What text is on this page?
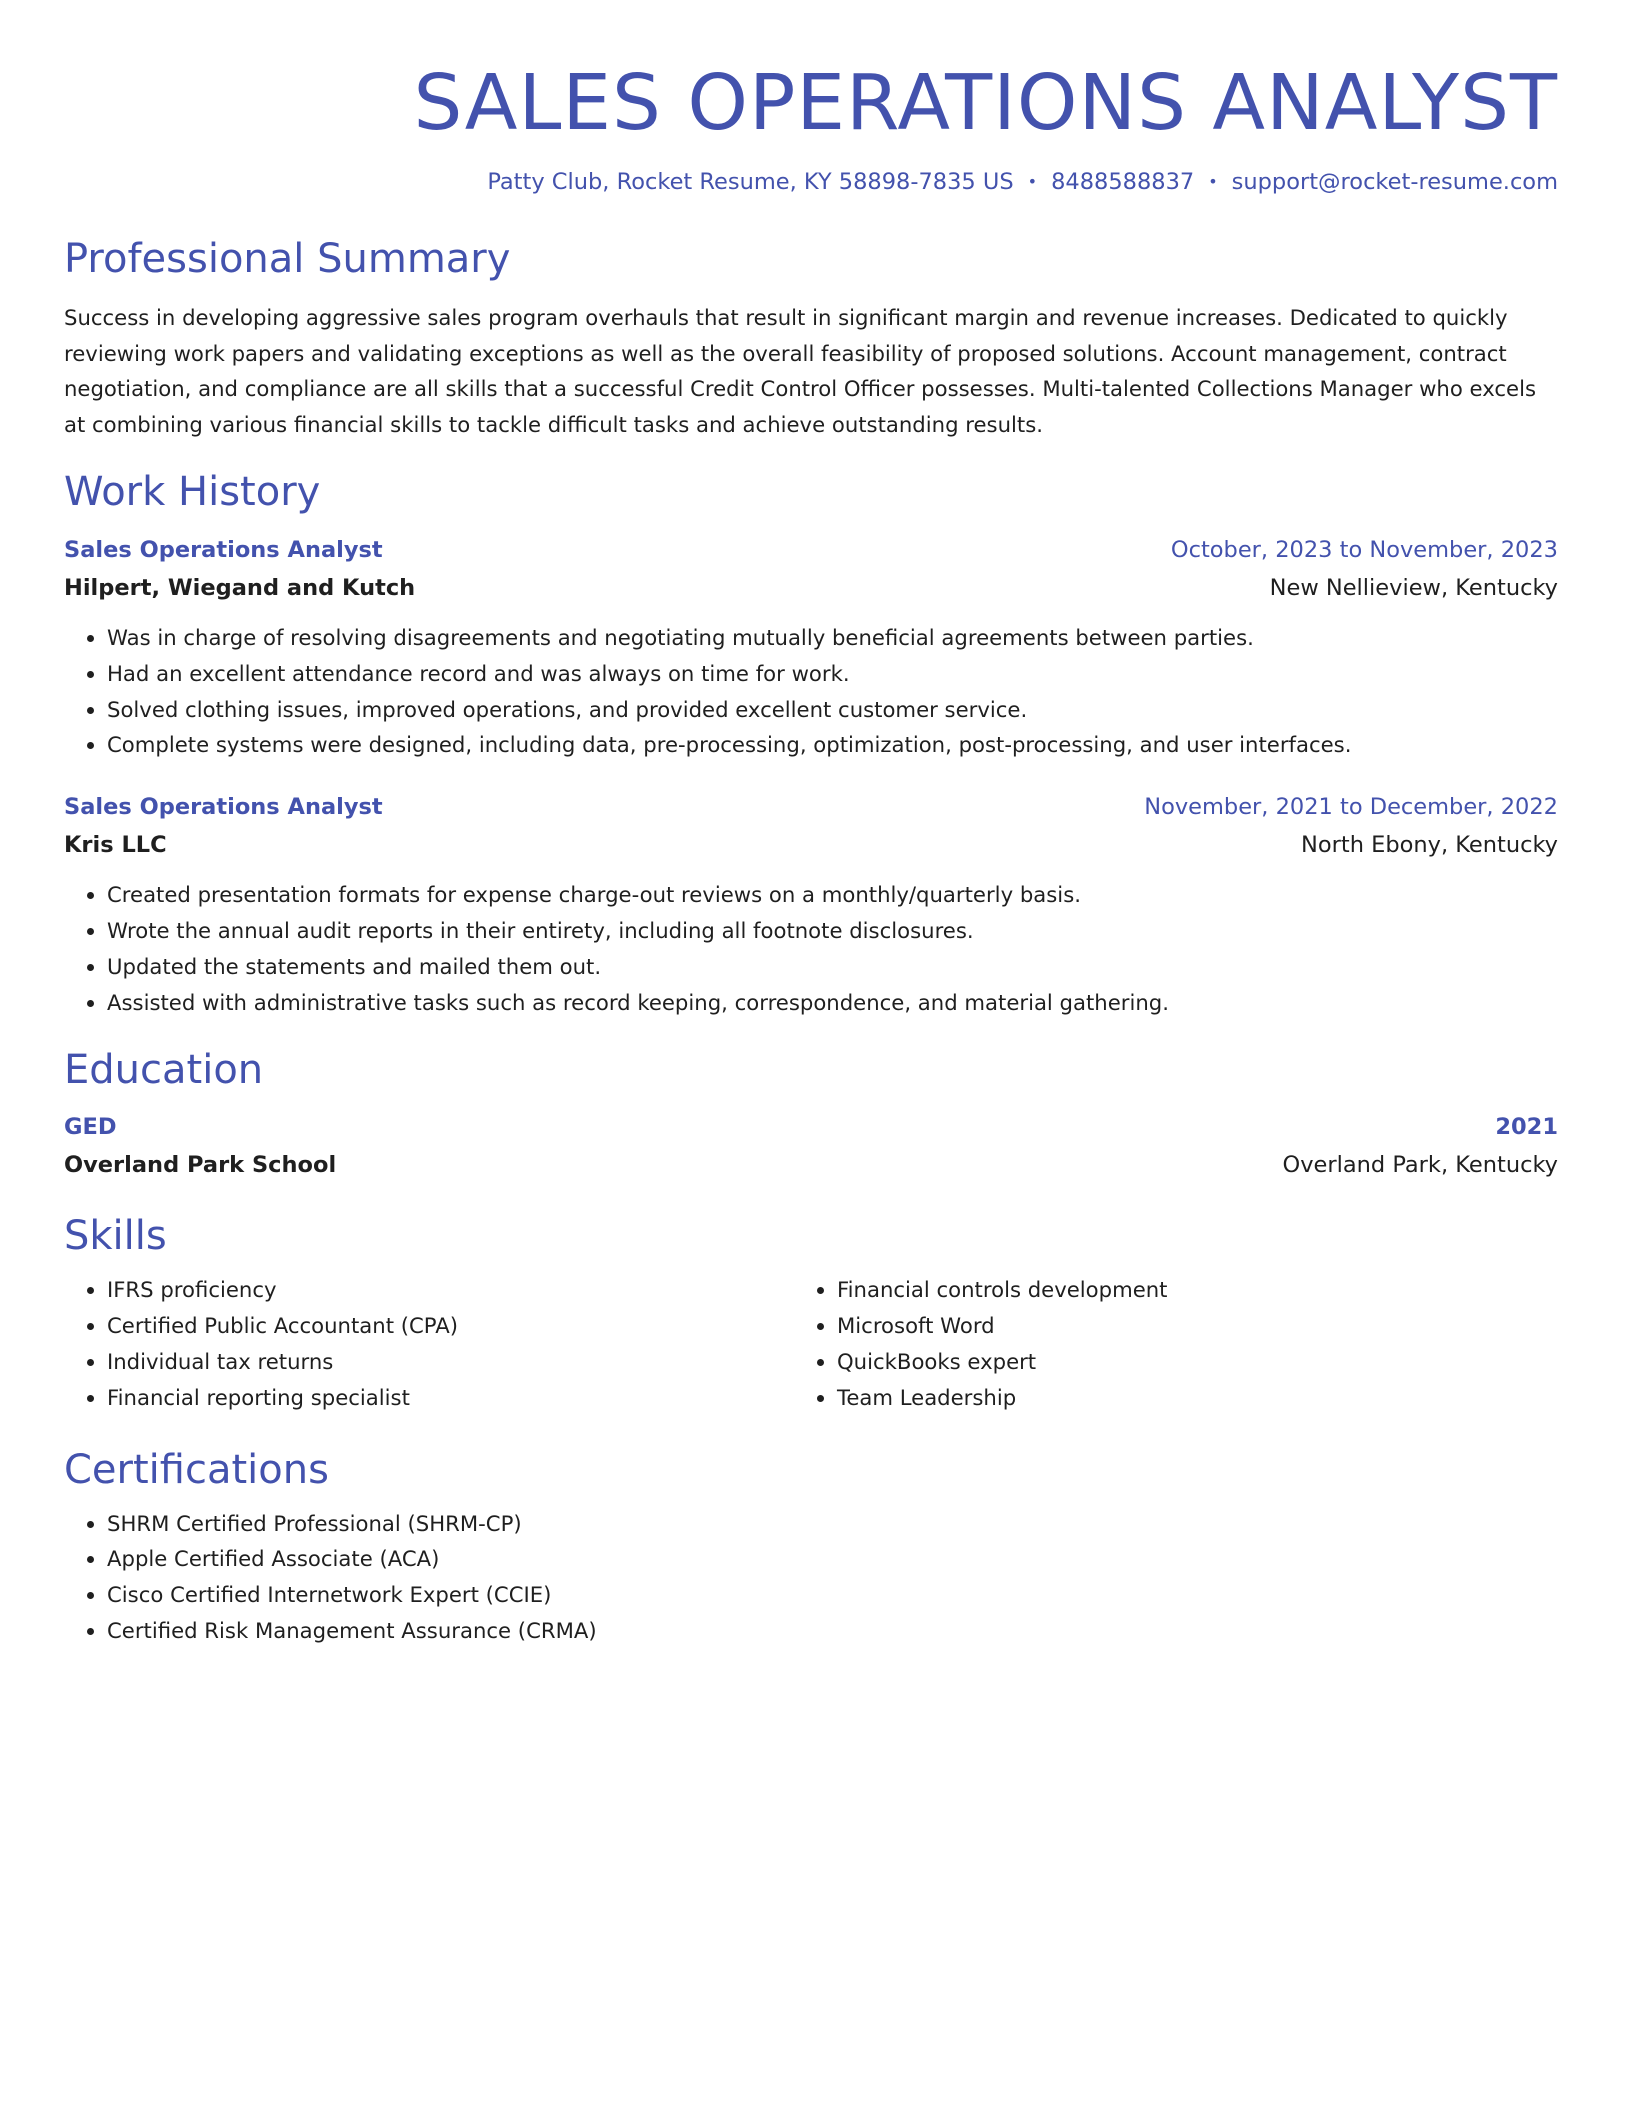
SALES OPERATIONS ANALYST
Patty Club, Rocket Resume, KY 58898-7835 US • 8488588837 • support@rocket-resume.com
Professional Summary

Success in developing aggressive sales program overhauls that result in significant margin and revenue increases. Dedicated to quickly reviewing work papers and validating exceptions as well as the overall feasibility of proposed solutions. Account management, contract negotiation, and compliance are all skills that a successful Credit Control Officer possesses. Multi-talented Collections Manager who excels at combining various financial skills to tackle difficult tasks and achieve outstanding results.

Work History
Sales Operations Analyst	October, 2023 to November, 2023
Hilpert, Wiegand and Kutch	New Nellieview, Kentucky
• Was in charge of resolving disagreements and negotiating mutually beneficial agreements between parties.
• Had an excellent attendance record and was always on time for work.
• Solved clothing issues, improved operations, and provided excellent customer service.
• Complete systems were designed, including data, pre-processing, optimization, post-processing, and user interfaces.
Sales Operations Analyst	November, 2021 to December, 2022
Kris LLC	North Ebony, Kentucky
• Created presentation formats for expense charge-out reviews on a monthly/quarterly basis.
• Wrote the annual audit reports in their entirety, including all footnote disclosures.
• Updated the statements and mailed them out.
• Assisted with administrative tasks such as record keeping, correspondence, and material gathering.
Education
GED	2021
Overland Park School	Overland Park, Kentucky
Skills
• IFRS proficiency
• Certified Public Accountant (CPA)
• Individual tax returns
• Financial reporting specialist
• Financial controls development
• Microsoft Word
• QuickBooks expert
• Team Leadership
Certifications
• SHRM Certified Professional (SHRM-CP)
• Apple Certified Associate (ACA)
• Cisco Certified Internetwork Expert (CCIE)
• Certified Risk Management Assurance (CRMA)
